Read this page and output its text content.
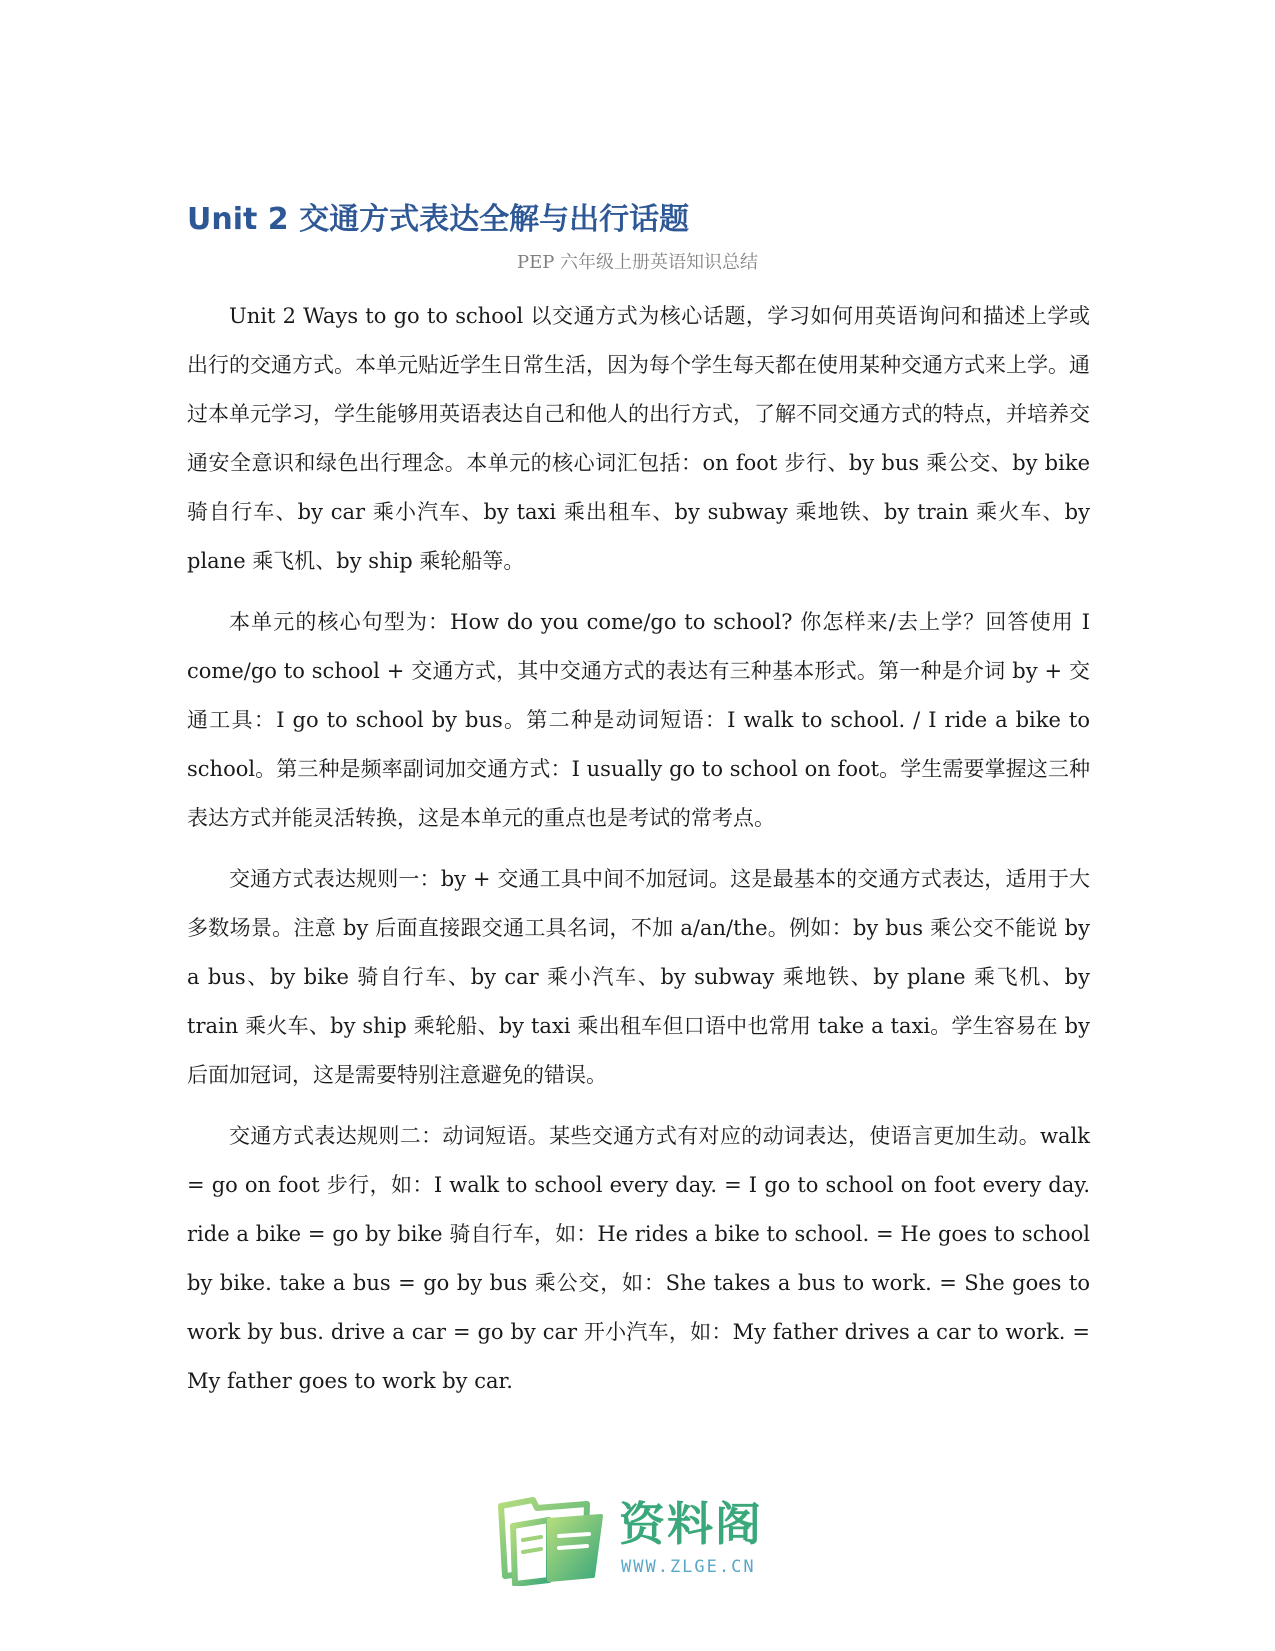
Unit 2 交通方式表达全解与出行话题

PEP 六年级上册英语知识总结

Unit 2 Ways to go to school 以交通方式为核心话题，学习如何用英语询问和描述上学或出行的交通方式。本单元贴近学生日常生活，因为每个学生每天都在使用某种交通方式来上学。通过本单元学习，学生能够用英语表达自己和他人的出行方式，了解不同交通方式的特点，并培养交通安全意识和绿色出行理念。本单元的核心词汇包括：on foot 步行、by bus 乘公交、by bike 骑自行车、by car 乘小汽车、by taxi 乘出租车、by subway 乘地铁、by train 乘火车、by plane 乘飞机、by ship 乘轮船等。

本单元的核心句型为：How do you come/go to school? 你怎样来/去上学？回答使用 I come/go to school + 交通方式，其中交通方式的表达有三种基本形式。第一种是介词 by + 交通工具：I go to school by bus。第二种是动词短语：I walk to school. / I ride a bike to school。第三种是频率副词加交通方式：I usually go to school on foot。学生需要掌握这三种表达方式并能灵活转换，这是本单元的重点也是考试的常考点。

交通方式表达规则一：by + 交通工具中间不加冠词。这是最基本的交通方式表达，适用于大多数场景。注意 by 后面直接跟交通工具名词，不加 a/an/the。例如：by bus 乘公交不能说 by a bus、by bike 骑自行车、by car 乘小汽车、by subway 乘地铁、by plane 乘飞机、by train 乘火车、by ship 乘轮船、by taxi 乘出租车但口语中也常用 take a taxi。学生容易在 by 后面加冠词，这是需要特别注意避免的错误。

交通方式表达规则二：动词短语。某些交通方式有对应的动词表达，使语言更加生动。walk = go on foot 步行，如：I walk to school every day. = I go to school on foot every day. ride a bike = go by bike 骑自行车，如：He rides a bike to school. = He goes to school by bike. take a bus = go by bus 乘公交，如：She takes a bus to work. = She goes to work by bus. drive a car = go by car 开小汽车，如：My father drives a car to work. = My father goes to work by car.

资料阁
WWW.ZLGE.CN
